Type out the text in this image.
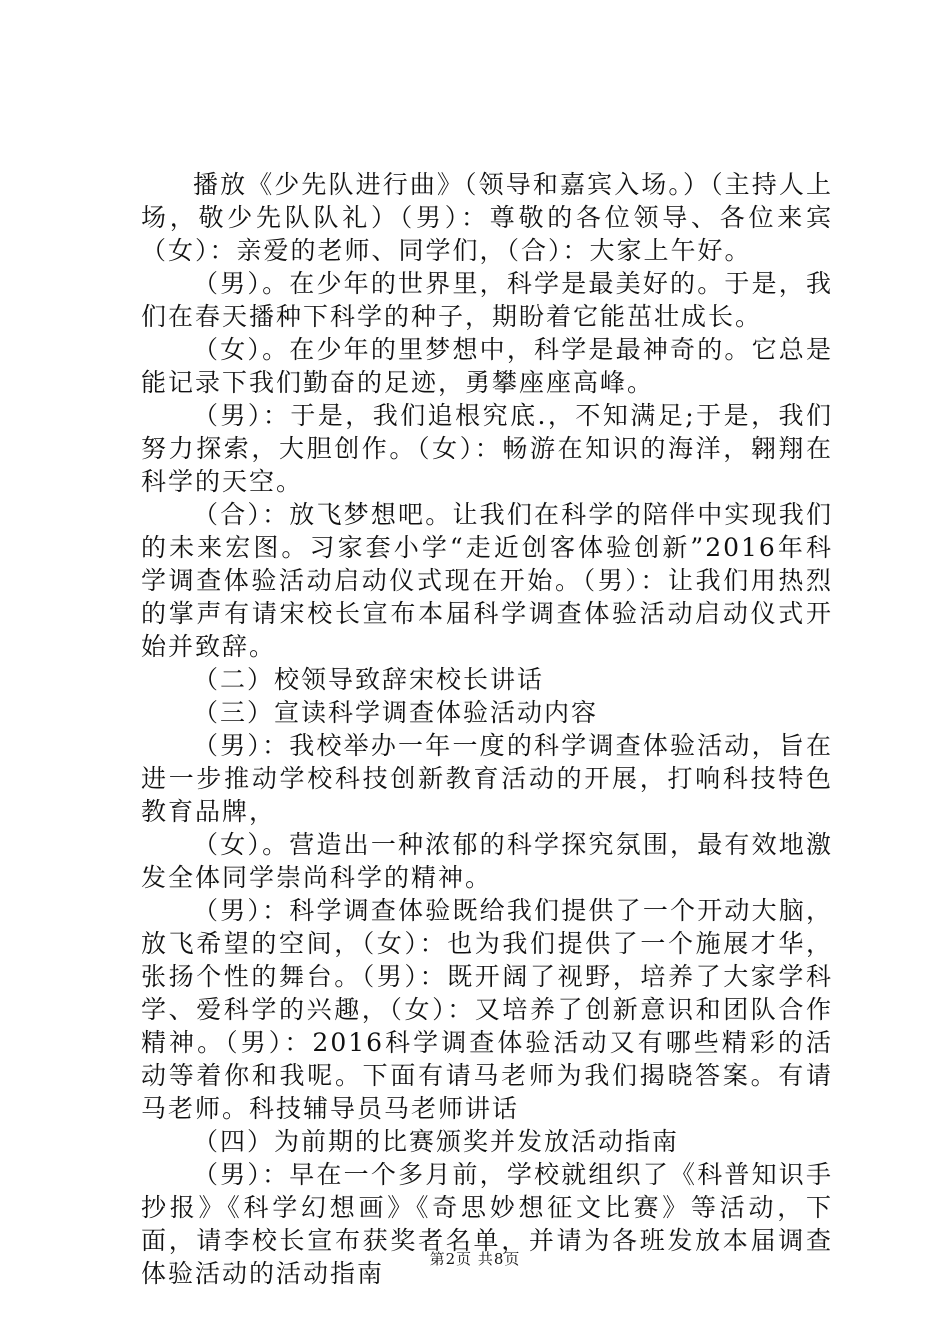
播放《少先队进行曲》（领导和嘉宾入场。）（主持人上场，敬少先队队礼）（男）：尊敬的各位领导、各位来宾（女）：亲爱的老师、同学们，（合）：大家上午好。

（男）。在少年的世界里，科学是最美好的。于是，我们在春天播种下科学的种子，期盼着它能茁壮成长。

（女）。在少年的里梦想中，科学是最神奇的。它总是能记录下我们勤奋的足迹，勇攀座座高峰。

（男）：于是，我们追根究底.，不知满足;于是，我们努力探索，大胆创作。（女）：畅游在知识的海洋，翱翔在科学的天空。

（合）：放飞梦想吧。让我们在科学的陪伴中实现我们的未来宏图。习家套小学“走近创客体验创新”2016年科学调查体验活动启动仪式现在开始。（男）：让我们用热烈的掌声有请宋校长宣布本届科学调查体验活动启动仪式开始并致辞。

（二）校领导致辞宋校长讲话

（三）宣读科学调查体验活动内容

（男）：我校举办一年一度的科学调查体验活动，旨在进一步推动学校科技创新教育活动的开展，打响科技特色教育品牌，

（女）。营造出一种浓郁的科学探究氛围，最有效地激发全体同学崇尚科学的精神。

（男）：科学调查体验既给我们提供了一个开动大脑，放飞希望的空间，（女）：也为我们提供了一个施展才华，张扬个性的舞台。（男）：既开阔了视野，培养了大家学科学、爱科学的兴趣，（女）：又培养了创新意识和团队合作精神。（男）：2016科学调查体验活动又有哪些精彩的活动等着你和我呢。下面有请马老师为我们揭晓答案。有请马老师。科技辅导员马老师讲话

（四）为前期的比赛颁奖并发放活动指南

（男）：早在一个多月前，学校就组织了《科普知识手抄报》《科学幻想画》《奇思妙想征文比赛》等活动，下面，请李校长宣布获奖者名单，并请为各班发放本届调查体验活动的活动指南	第2页 共8页
